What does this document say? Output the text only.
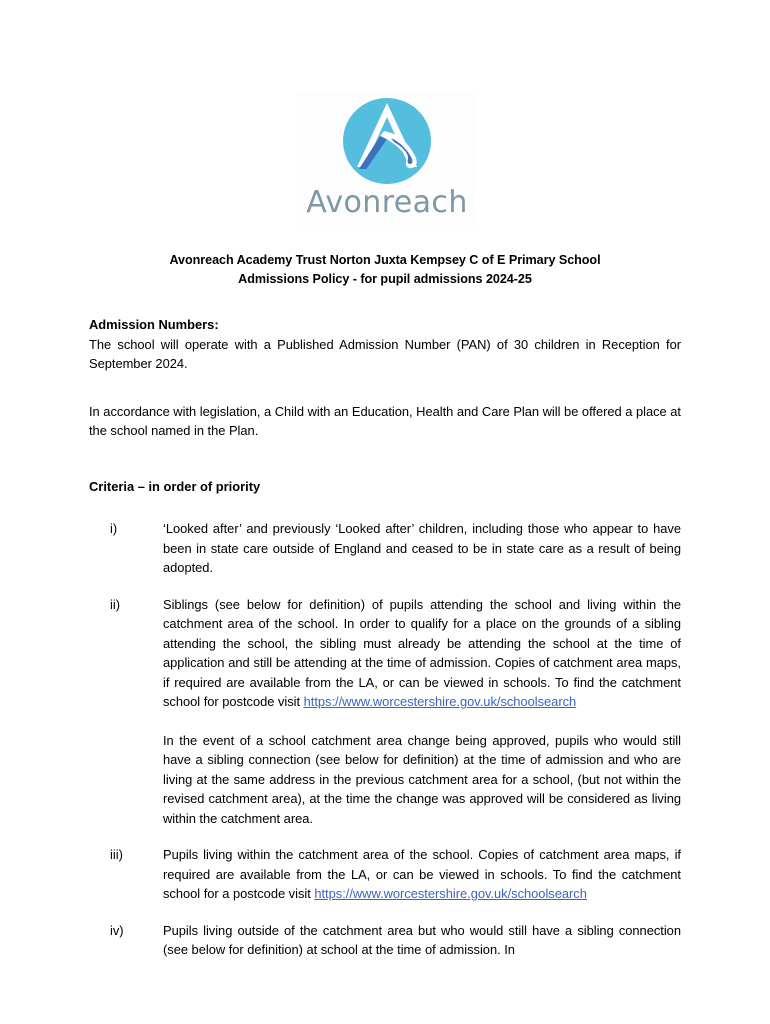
Avonreach
Avonreach Academy Trust Norton Juxta Kempsey C of E Primary School
Admissions Policy - for pupil admissions 2024-25
Admission Numbers:

The school will operate with a Published Admission Number (PAN) of 30 children in Reception for September 2024.

In accordance with legislation, a Child with an Education, Health and Care Plan will be offered a place at the school named in the Plan.

Criteria – in order of priority
i)	‘Looked after’ and previously ‘Looked after’ children, including those who appear to have been in state care outside of England and ceased to be in state care as a result of being adopted.
ii)	Siblings (see below for definition) of pupils attending the school and living within the catchment area of the school. In order to qualify for a place on the grounds of a sibling attending the school, the sibling must already be attending the school at the time of application and still be attending at the time of admission. Copies of catchment area maps, if required are available from the LA, or can be viewed in schools. To find the catchment school for postcode visit https://www.worcestershire.gov.uk/schoolsearch
In the event of a school catchment area change being approved, pupils who would still have a sibling connection (see below for definition) at the time of admission and who are living at the same address in the previous catchment area for a school, (but not within the revised catchment area), at the time the change was approved will be considered as living within the catchment area.
iii)	Pupils living within the catchment area of the school. Copies of catchment area maps, if required are available from the LA, or can be viewed in schools. To find the catchment school for a postcode visit https://www.worcestershire.gov.uk/schoolsearch
iv)	Pupils living outside of the catchment area but who would still have a sibling connection (see below for definition) at school at the time of admission. In
